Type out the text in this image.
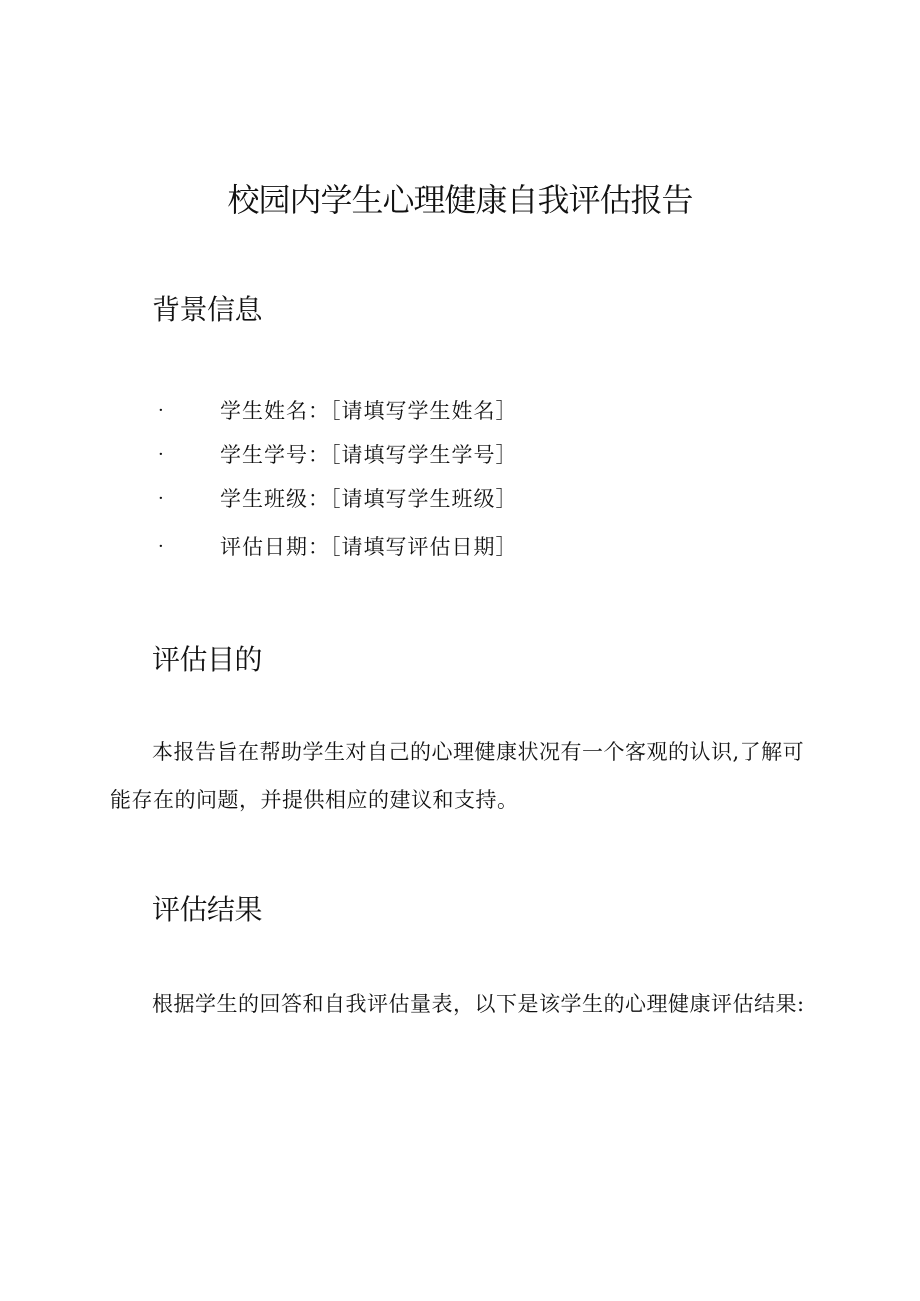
校园内学生心理健康自我评估报告
背景信息
·	学生姓名：［请填写学生姓名］
·	学生学号：［请填写学生学号］
·	学生班级：［请填写学生班级］
·	评估日期：［请填写评估日期］
评估目的

本报告旨在帮助学生对自己的心理健康状况有一个客观的认识,了解可能存在的问题，并提供相应的建议和支持。

评估结果

根据学生的回答和自我评估量表，以下是该学生的心理健康评估结果:
